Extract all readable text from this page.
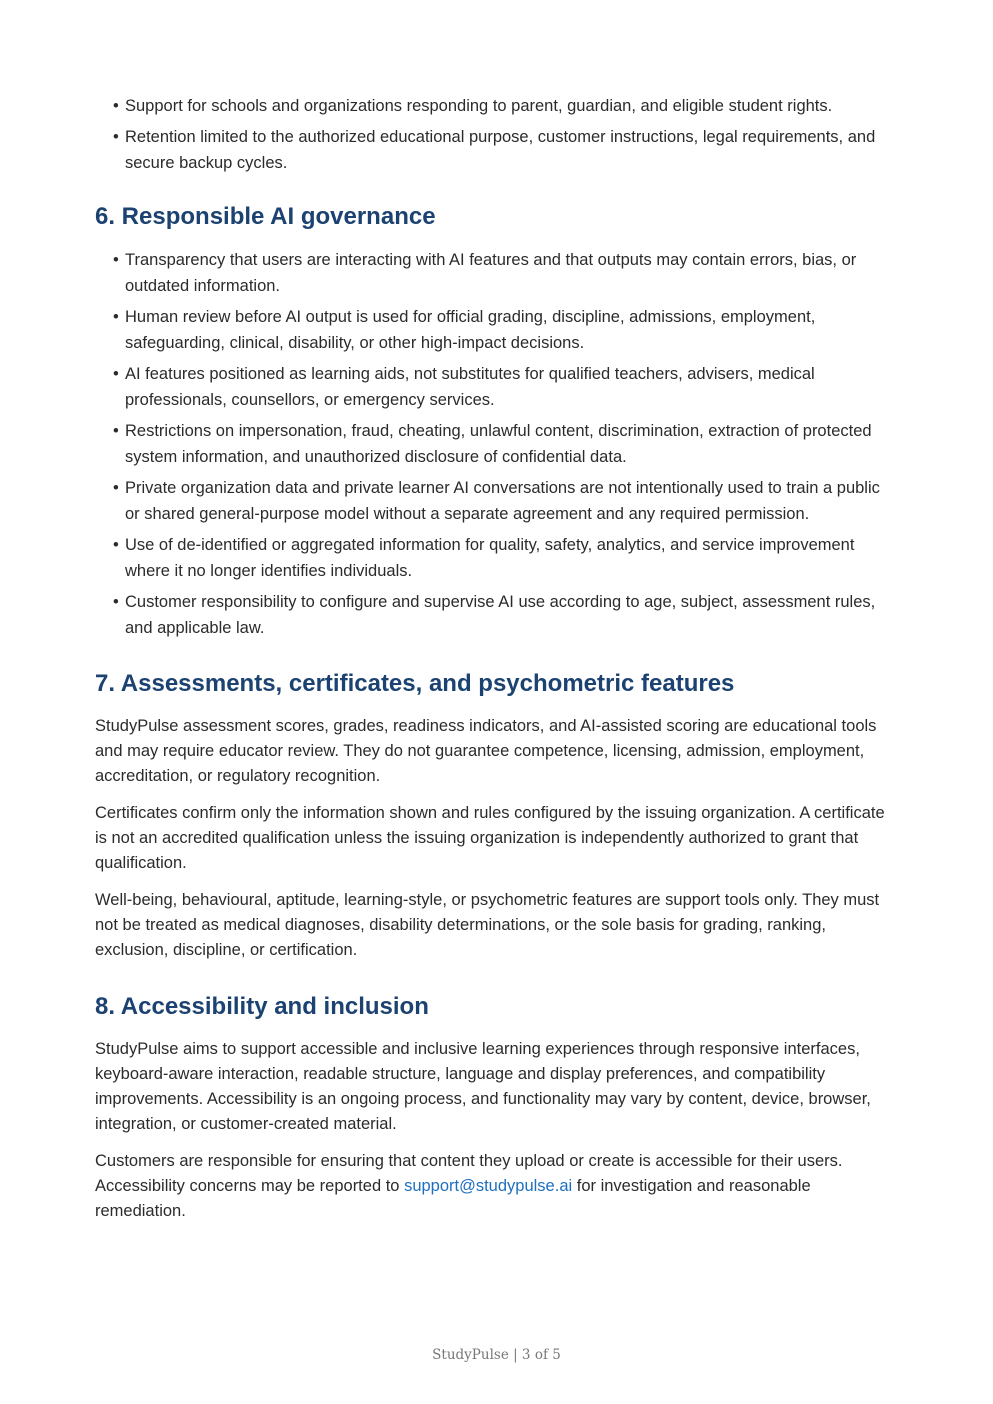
• Support for schools and organizations responding to parent, guardian, and eligible student rights.
• Retention limited to the authorized educational purpose, customer instructions, legal requirements, and secure backup cycles.
6. Responsible AI governance
• Transparency that users are interacting with AI features and that outputs may contain errors, bias, or outdated information.
• Human review before AI output is used for official grading, discipline, admissions, employment, safeguarding, clinical, disability, or other high-impact decisions.
• AI features positioned as learning aids, not substitutes for qualified teachers, advisers, medical professionals, counsellors, or emergency services.
• Restrictions on impersonation, fraud, cheating, unlawful content, discrimination, extraction of protected system information, and unauthorized disclosure of confidential data.
• Private organization data and private learner AI conversations are not intentionally used to train a public or shared general-purpose model without a separate agreement and any required permission.
• Use of de-identified or aggregated information for quality, safety, analytics, and service improvement where it no longer identifies individuals.
• Customer responsibility to configure and supervise AI use according to age, subject, assessment rules, and applicable law.
7. Assessments, certificates, and psychometric features

StudyPulse assessment scores, grades, readiness indicators, and AI-assisted scoring are educational tools and may require educator review. They do not guarantee competence, licensing, admission, employment, accreditation, or regulatory recognition.

Certificates confirm only the information shown and rules configured by the issuing organization. A certificate is not an accredited qualification unless the issuing organization is independently authorized to grant that qualification.

Well-being, behavioural, aptitude, learning-style, or psychometric features are support tools only. They must not be treated as medical diagnoses, disability determinations, or the sole basis for grading, ranking, exclusion, discipline, or certification.

8. Accessibility and inclusion

StudyPulse aims to support accessible and inclusive learning experiences through responsive interfaces, keyboard-aware interaction, readable structure, language and display preferences, and compatibility improvements. Accessibility is an ongoing process, and functionality may vary by content, device, browser, integration, or customer-created material.

Customers are responsible for ensuring that content they upload or create is accessible for their users. Accessibility concerns may be reported to support@studypulse.ai for investigation and reasonable remediation.

StudyPulse | 3 of 5
